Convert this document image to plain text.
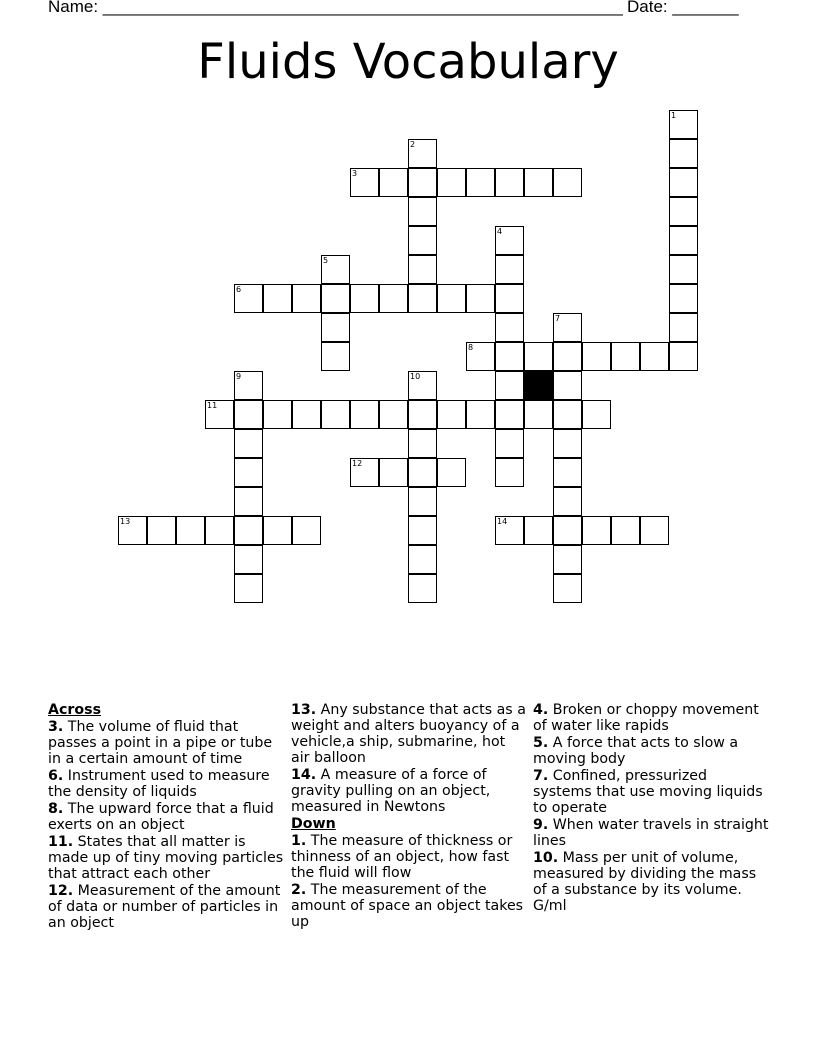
Name: _______________________________________________________ Date: _______
Fluids Vocabulary
3
6
8
11
12
13	14
1
2
4
5
7
9	10
Across
3. The volume of fluid that passes a point in a pipe or tube in a certain amount of time
6. Instrument used to measure the density of liquids
8. The upward force that a fluid exerts on an object
11. States that all matter is made up of tiny moving particles that attract each other
12. Measurement of the amount of data or number of particles in an object
13. Any substance that acts as a weight and alters buoyancy of a vehicle,a ship, submarine, hot air balloon
14. A measure of a force of gravity pulling on an object, measured in Newtons
Down
1. The measure of thickness or thinness of an object, how fast the fluid will flow
2. The measurement of the amount of space an object takes up
4. Broken or choppy movement of water like rapids
5. A force that acts to slow a moving body
7. Confined, pressurized systems that use moving liquids to operate
9. When water travels in straight lines
10. Mass per unit of volume, measured by dividing the mass of a substance by its volume. G/ml
